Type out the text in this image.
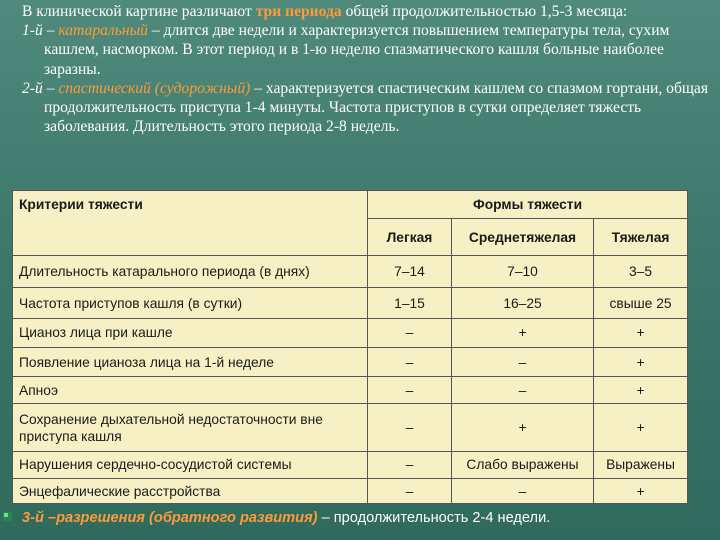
В клинической картине различают три периода общей продолжительностью 1,5-3 месяца:

1-й – катаральный – длится две недели и характеризуется повышением температуры тела, сухим кашлем, насморком. В этот период и в 1-ю неделю спазматического кашля больные наиболее заразны.

2-й – спастический (судорожный) – характеризуется спастическим кашлем со спазмом гортани, общая продолжительность приступа 1-4 минуты. Частота приступов в сутки определяет тяжесть заболевания. Длительность этого периода 2-8 недель.

Критерии тяжести	Формы тяжести		
	Легкая	Среднетяжелая	Тяжелая
Длительность катарального периода (в днях)	7–14	7–10	3–5
Частота приступов кашля (в сутки)	1–15	16–25	свыше 25
Цианоз лица при кашле	–	+	+
Появление цианоза лица на 1-й неделе	–	–	+
Апноэ	–	–	+
Сохранение дыхательной недостаточности вне приступа кашля	–	+	+
Нарушения сердечно-сосудистой системы	–	Слабо выражены	Выражены
Энцефалические расстройства	–	–	+
3-й –разрешения (обратного развития) – продолжительность 2-4 недели.
